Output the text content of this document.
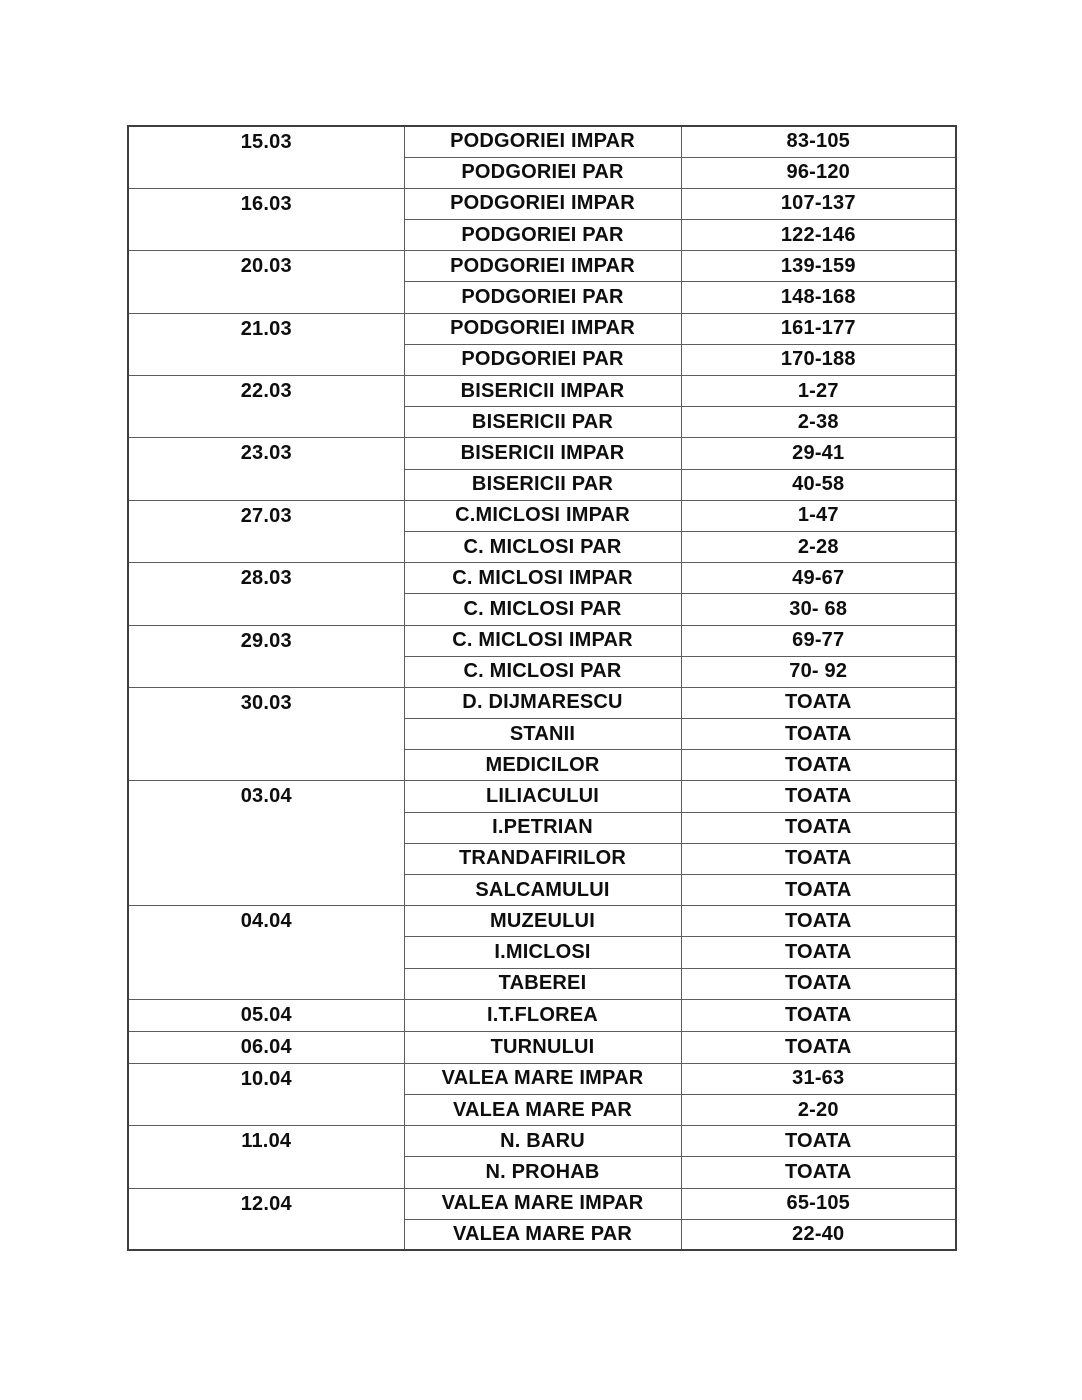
15.03	PODGORIEI IMPAR	83-105
	PODGORIEI PAR	96-120
16.03	PODGORIEI IMPAR	107-137
	PODGORIEI PAR	122-146
20.03	PODGORIEI IMPAR	139-159
	PODGORIEI PAR	148-168
21.03	PODGORIEI IMPAR	161-177
	PODGORIEI PAR	170-188
22.03	BISERICII IMPAR	1-27
	BISERICII PAR	2-38
23.03	BISERICII IMPAR	29-41
	BISERICII PAR	40-58
27.03	C.MICLOSI IMPAR	1-47
	C. MICLOSI PAR	2-28
28.03	C. MICLOSI IMPAR	49-67
	C. MICLOSI PAR	30- 68
29.03	C. MICLOSI IMPAR	69-77
	C. MICLOSI PAR	70- 92
30.03	D. DIJMARESCU	TOATA
	STANII	TOATA
	MEDICILOR	TOATA
03.04	LILIACULUI	TOATA
	I.PETRIAN	TOATA
	TRANDAFIRILOR	TOATA
	SALCAMULUI	TOATA
04.04	MUZEULUI	TOATA
	I.MICLOSI	TOATA
	TABEREI	TOATA
05.04	I.T.FLOREA	TOATA
06.04	TURNULUI	TOATA
10.04	VALEA MARE IMPAR	31-63
	VALEA MARE PAR	2-20
11.04	N. BARU	TOATA
	N. PROHAB	TOATA
12.04	VALEA MARE IMPAR	65-105
	VALEA MARE PAR	22-40
